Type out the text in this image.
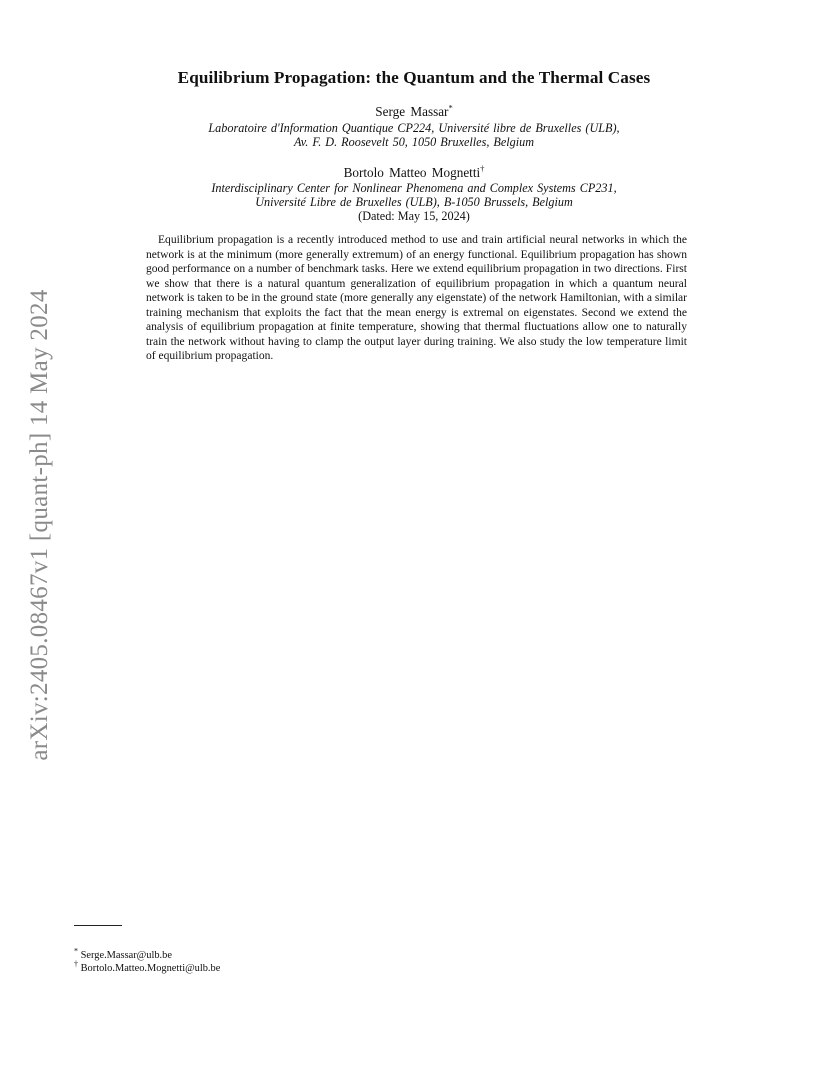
arXiv:2405.08467v1 [quant-ph] 14 May 2024
Equilibrium Propagation: the Quantum and the Thermal Cases
Serge Massar*
Laboratoire d'Information Quantique CP224, Université libre de Bruxelles (ULB),
Av. F. D. Roosevelt 50, 1050 Bruxelles, Belgium
Bortolo Matteo Mognetti†
Interdisciplinary Center for Nonlinear Phenomena and Complex Systems CP231,
Université Libre de Bruxelles (ULB), B-1050 Brussels, Belgium
(Dated: May 15, 2024)

Equilibrium propagation is a recently introduced method to use and train artificial neural networks in which the network is at the minimum (more generally extremum) of an energy functional. Equilibrium propagation has shown good performance on a number of benchmark tasks. Here we extend equilibrium propagation in two directions. First we show that there is a natural quantum generalization of equilibrium propagation in which a quantum neural network is taken to be in the ground state (more generally any eigenstate) of the network Hamiltonian, with a similar training mechanism that exploits the fact that the mean energy is extremal on eigenstates. Second we extend the analysis of equilibrium propagation at finite temperature, showing that thermal fluctuations allow one to naturally train the network without having to clamp the output layer during training. We also study the low temperature limit of equilibrium propagation.

* Serge.Massar@ulb.be
† Bortolo.Matteo.Mognetti@ulb.be
